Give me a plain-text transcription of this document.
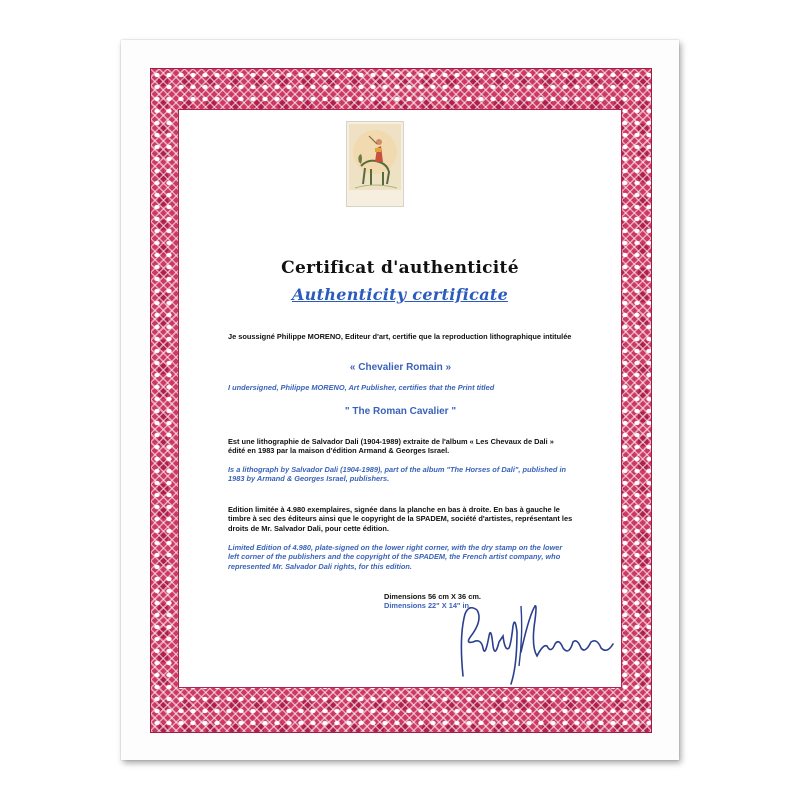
Certificat d'authenticité
Authenticity certificate
Je soussigné Philippe MORENO, Editeur d'art, certifie que la reproduction lithographique intitulée
« Chevalier Romain »
I undersigned, Philippe MORENO, Art Publisher, certifies that the Print titled
" The Roman Cavalier "
Est une lithographie de Salvador Dali (1904-1989) extraite de l'album « Les Chevaux de Dali » édité en 1983 par la maison d'édition Armand & Georges Israel.
Is a lithograph by Salvador Dali (1904-1989), part of the album "The Horses of Dali", published in 1983 by Armand & Georges Israel, publishers.
Edition limitée à 4.980 exemplaires, signée dans la planche en bas à droite. En bas à gauche le timbre à sec des éditeurs ainsi que le copyright de la SPADEM, société d'artistes, représentant les droits de Mr. Salvador Dali, pour cette édition.
Limited Edition of 4.980, plate-signed on the lower right corner, with the dry stamp on the lower left corner of the publishers and the copyright of the SPADEM, the French artist company, who represented Mr. Salvador Dali rights, for this edition.
Dimensions 56 cm X 36 cm.
Dimensions 22" X 14" in.
